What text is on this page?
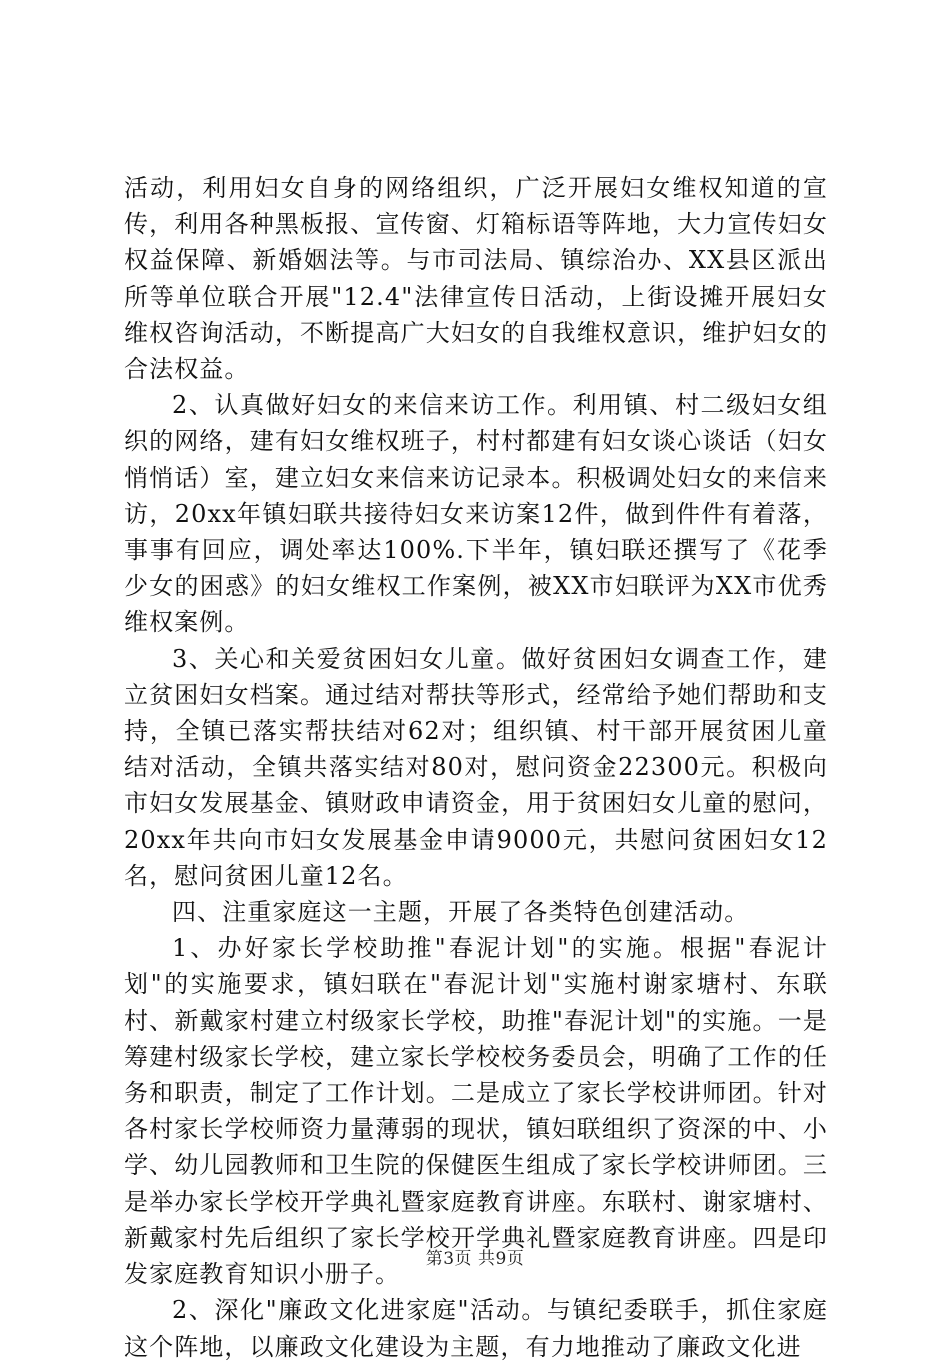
活动，利用妇女自身的网络组织，广泛开展妇女维权知道的宣传，利用各种黑板报、宣传窗、灯箱标语等阵地，大力宣传妇女权益保障、新婚姻法等。与市司法局、镇综治办、XX县区派出所等单位联合开展"12.4"法律宣传日活动，上街设摊开展妇女维权咨询活动，不断提高广大妇女的自我维权意识，维护妇女的合法权益。

2、认真做好妇女的来信来访工作。利用镇、村二级妇女组织的网络，建有妇女维权班子，村村都建有妇女谈心谈话（妇女悄悄话）室，建立妇女来信来访记录本。积极调处妇女的来信来访，20xx年镇妇联共接待妇女来访案12件，做到件件有着落，事事有回应，调处率达100%.下半年，镇妇联还撰写了《花季少女的困惑》的妇女维权工作案例，被XX市妇联评为XX市优秀维权案例。

3、关心和关爱贫困妇女儿童。做好贫困妇女调查工作，建立贫困妇女档案。通过结对帮扶等形式，经常给予她们帮助和支持，全镇已落实帮扶结对62对；组织镇、村干部开展贫困儿童结对活动，全镇共落实结对80对，慰问资金22300元。积极向市妇女发展基金、镇财政申请资金，用于贫困妇女儿童的慰问，20xx年共向市妇女发展基金申请9000元，共慰问贫困妇女12名，慰问贫困儿童12名。

四、注重家庭这一主题，开展了各类特色创建活动。

1、办好家长学校助推"春泥计划"的实施。根据"春泥计划"的实施要求，镇妇联在"春泥计划"实施村谢家塘村、东联村、新戴家村建立村级家长学校，助推"春泥计划"的实施。一是筹建村级家长学校，建立家长学校校务委员会，明确了工作的任务和职责，制定了工作计划。二是成立了家长学校讲师团。针对各村家长学校师资力量薄弱的现状，镇妇联组织了资深的中、小学、幼儿园教师和卫生院的保健医生组成了家长学校讲师团。三是举办家长学校开学典礼暨家庭教育讲座。东联村、谢家塘村、新戴家村先后组织了家长学校开学典礼暨家庭教育讲座。四是印发家庭教育知识小册子。

2、深化"廉政文化进家庭"活动。与镇纪委联手，抓住家庭这个阵地，以廉政文化建设为主题，有力地推动了廉政文化进

第3页 共9页
